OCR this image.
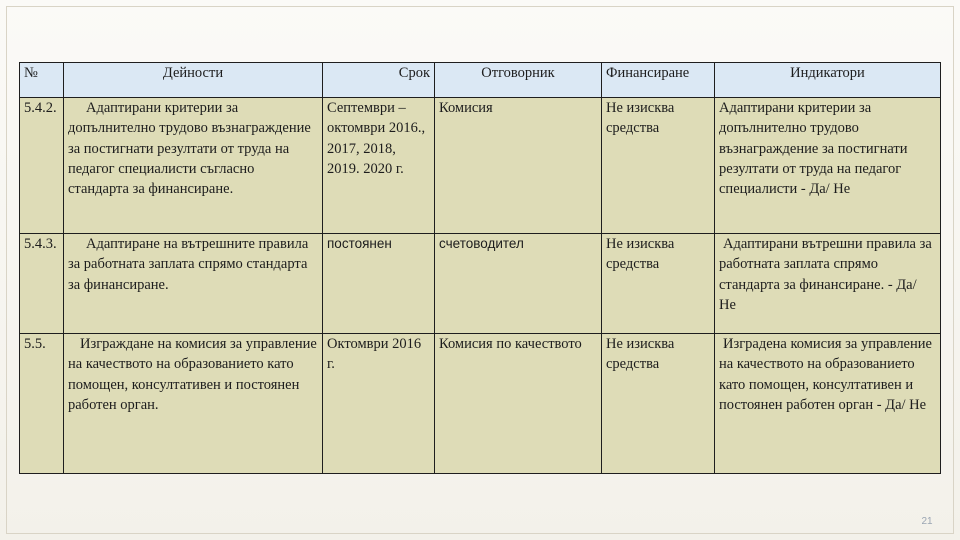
№	Дейности	Срок	Отговорник	Финансиране	Индикатори
5.4.2.	Адаптирани критерии за допълнително трудово възнаграждение за постигнати резултати от труда на педагог специалисти съгласно стандарта за финансиране.	Септември – октомври 2016., 2017, 2018, 2019. 2020 г.	Комисия	Не изисква средства	Адаптирани критерии за допълнително трудово възнаграждение за постигнати резултати от труда на педагог специалисти - Да/ Не
5.4.3.	Адаптиране на вътрешните правила за работната заплата спрямо стандарта за финансиране.	постоянен	счетоводител	Не изисква средства	Адаптирани вътрешни правила за работната заплата спрямо стандарта за финансиране. - Да/ Не
5.5.	Изграждане на комисия за управление на качеството на образованието като помощен, консултативен и постоянен работен орган.	Октомври 2016 г.	Комисия по качеството	Не изисква средства	Изградена комисия за управление на качеството на образованието като помощен, консултативен и постоянен работен орган - Да/ Не
21
